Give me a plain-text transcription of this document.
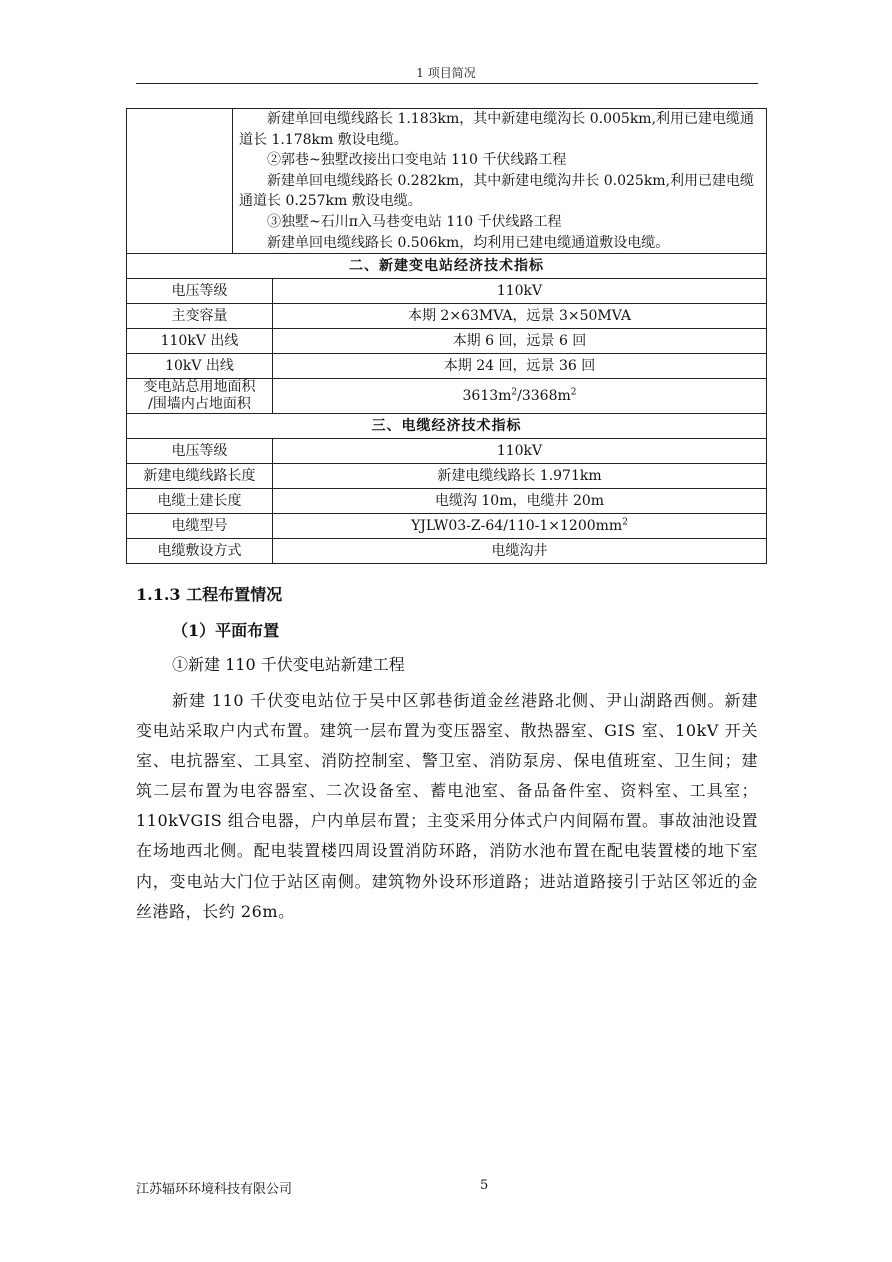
1 项目简况

	新建单回电缆线路长 1.183km，其中新建电缆沟长 0.005km,利用已建电缆通道长 1.178km 敷设电缆。
②郭巷~独墅改接出口变电站 110 千伏线路工程
新建单回电缆线路长 0.282km，其中新建电缆沟井长 0.025km,利用已建电缆通道长 0.257km 敷设电缆。
③独墅~石川π入马巷变电站 110 千伏线路工程
新建单回电缆线路长 0.506km，均利用已建电缆通道敷设电缆。	

二、新建变电站经济技术指标		
电压等级		110kV
主变容量		本期 2×63MVA，远景 3×50MVA
110kV 出线		本期 6 回，远景 6 回
10kV 出线		本期 24 回，远景 36 回
变电站总用地面积
/围墙内占地面积		$3613m^2/3368m^2$
三、电缆经济技术指标		
电压等级		110kV
新建电缆线路长度		新建电缆线路长 1.971km
电缆土建长度		电缆沟 10m，电缆井 20m
电缆型号		$YJLW03-Z-64/110-1\times 1200mm^2$
电缆敷设方式		电缆沟井
1.1.3 工程布置情况
（1）平面布置
①新建 110 千伏变电站新建工程

新建 110 千伏变电站位于吴中区郭巷街道金丝港路北侧、尹山湖路西侧。新建变电站采取户内式布置。建筑一层布置为变压器室、散热器室、GIS 室、10kV 开关室、电抗器室、工具室、消防控制室、警卫室、消防泵房、保电值班室、卫生间；建筑二层布置为电容器室、二次设备室、蓄电池室、备品备件室、资料室、工具室；110kVGIS 组合电器，户内单层布置；主变采用分体式户内间隔布置。事故油池设置在场地西北侧。配电装置楼四周设置消防环路，消防水池布置在配电装置楼的地下室内，变电站大门位于站区南侧。建筑物外设环形道路；进站道路接引于站区邻近的金丝港路，长约 26m。

江苏辐环环境科技有限公司	5
